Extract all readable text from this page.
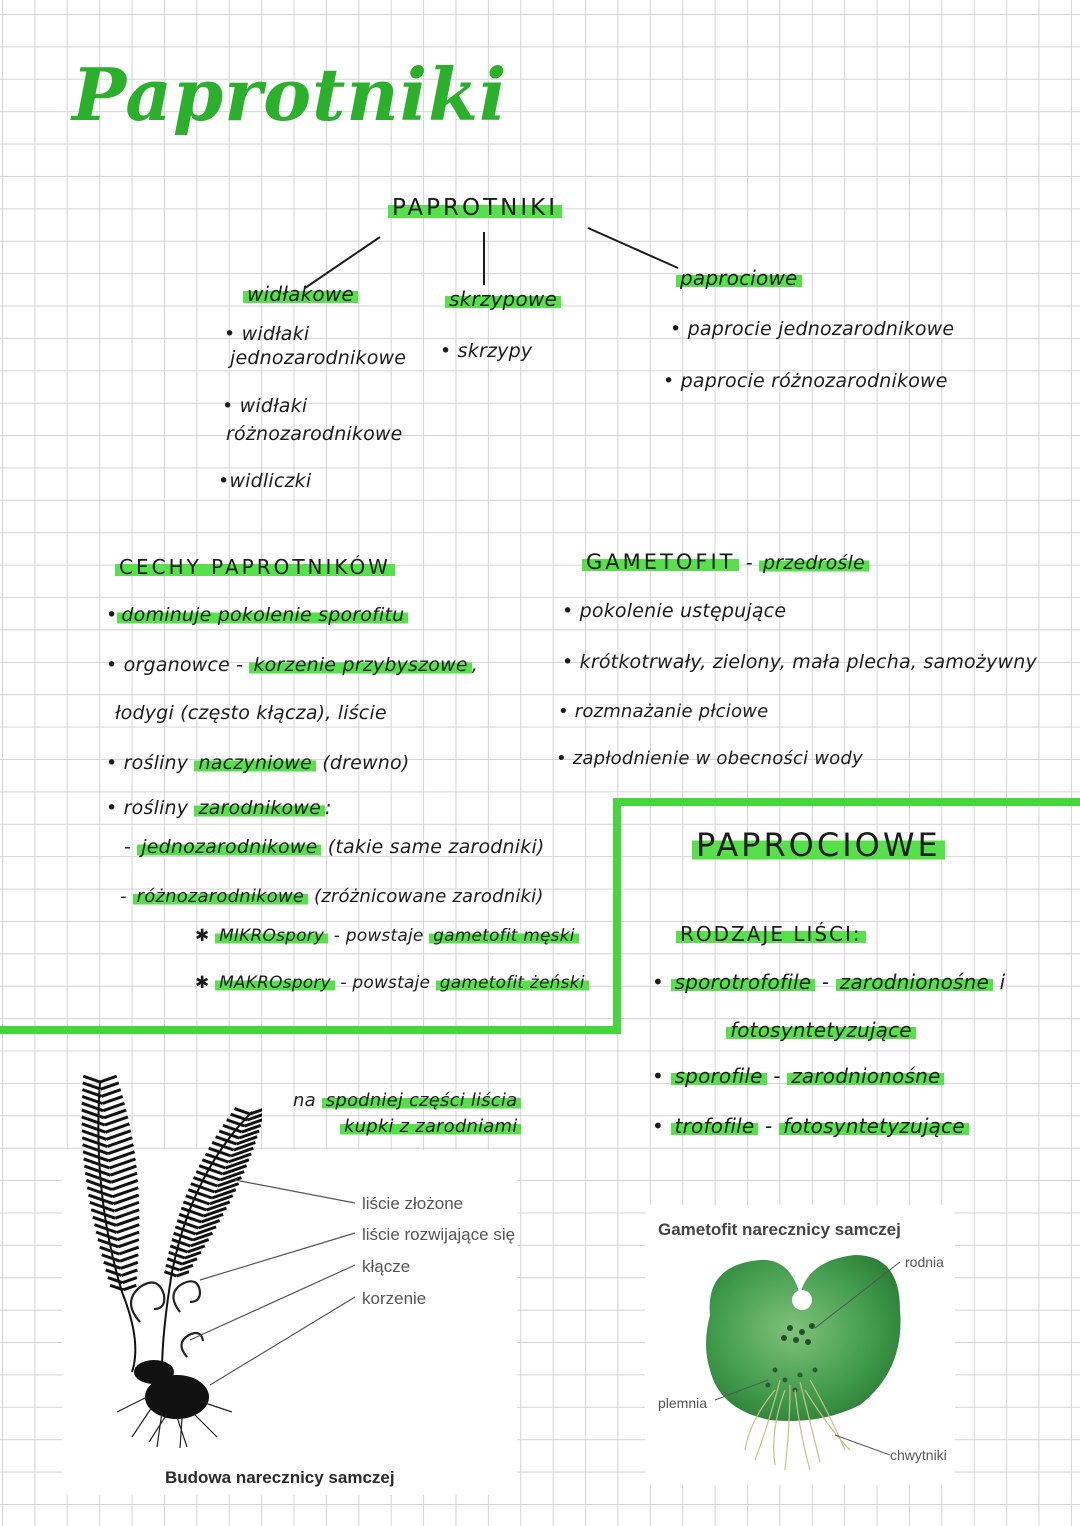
Paprotniki
PAPROTNIKI
widłakowe
• widłaki
jednozarodnikowe
• widłaki
różnozarodnikowe
•widliczki
skrzypowe
• skrzypy
paprociowe
• paprocie jednozarodnikowe
• paprocie różnozarodnikowe
CECHY PAPROTNIKÓW
• dominuje pokolenie sporofitu
• organowce - korzenie przybyszowe ,
łodygi (często kłącza), liście
• rośliny naczyniowe (drewno)
• rośliny zarodnikowe :
- jednozarodnikowe (takie same zarodniki)
- różnozarodnikowe (zróżnicowane zarodniki)
✱ MIKROspory - powstaje gametofit męski
✱ MAKROspory - powstaje gametofit żeński
GAMETOFIT - przedrośle
• pokolenie ustępujące
• krótkotrwały, zielony, mała plecha, samożywny
• rozmnażanie płciowe
• zapłodnienie w obecności wody
PAPROCIOWE
RODZAJE LIŚCI:
• sporotrofofile - zarodnionośne i
fotosyntetyzujące
• sporofile - zarodnionośne
• trofofile - fotosyntetyzujące
liście złożone
liście rozwijające się
kłącze
korzenie
Budowa narecznicy samczej
na spodniej części liścia
kupki z zarodniami
Gametofit narecznicy samczej
rodnia
plemnia
chwytniki
